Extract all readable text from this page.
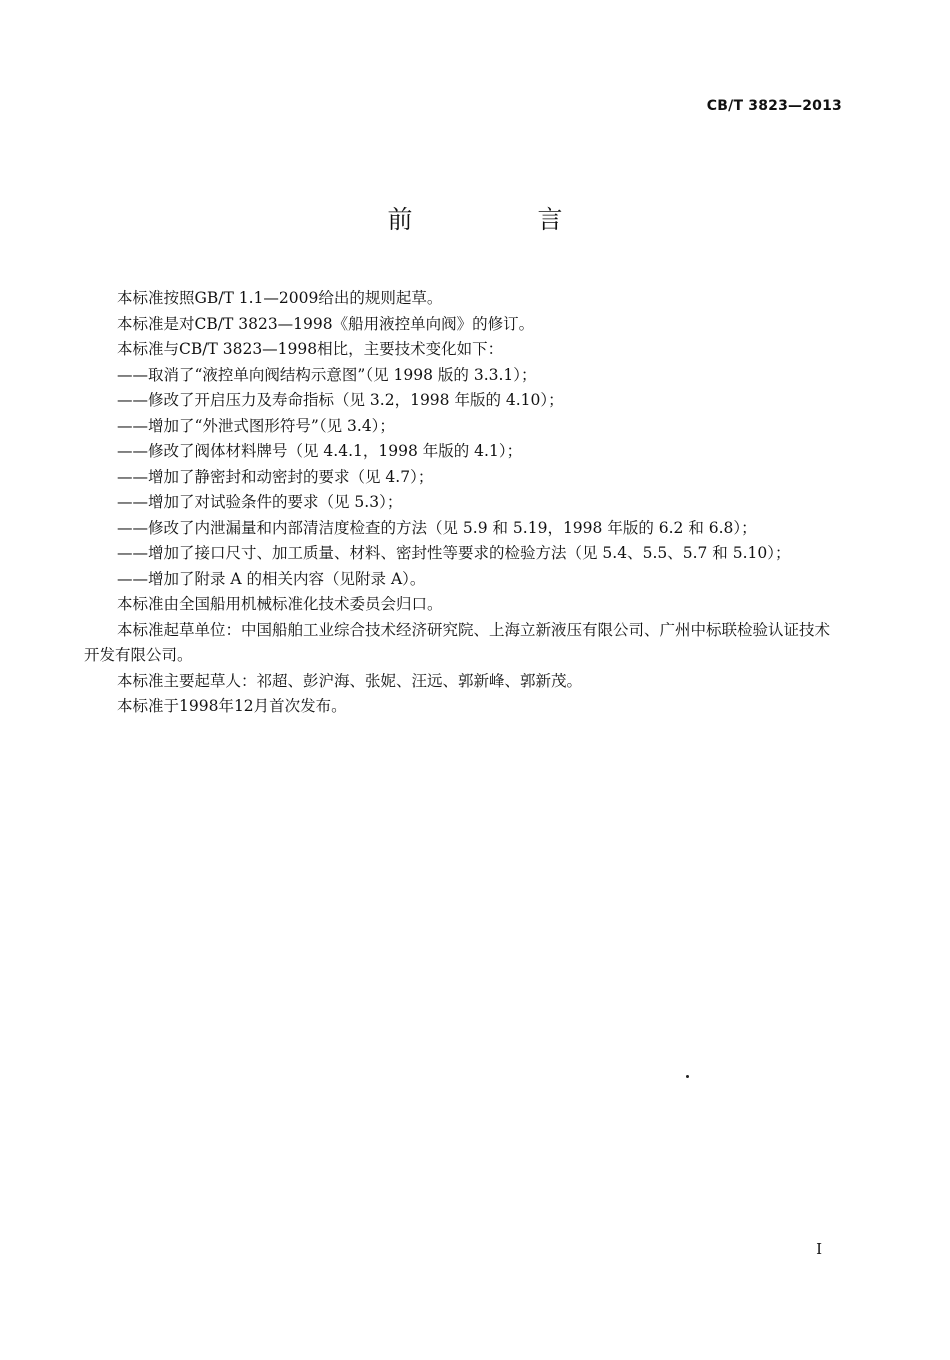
CB/T 3823—2013
前　言

本标准按照GB/T 1.1—2009给出的规则起草。

本标准是对CB/T 3823—1998《船用液控单向阀》的修订。

本标准与CB/T 3823—1998相比，主要技术变化如下：

——取消了“液控单向阀结构示意图”（见 1998 版的 3.3.1）；

——修改了开启压力及寿命指标（见 3.2，1998 年版的 4.10）；

——增加了“外泄式图形符号”（见 3.4）；

——修改了阀体材料牌号（见 4.4.1，1998 年版的 4.1）；

——增加了静密封和动密封的要求（见 4.7）；

——增加了对试验条件的要求（见 5.3）；

——修改了内泄漏量和内部清洁度检查的方法（见 5.9 和 5.19，1998 年版的 6.2 和 6.8）；

——增加了接口尺寸、加工质量、材料、密封性等要求的检验方法（见 5.4、5.5、5.7 和 5.10）；

——增加了附录 A 的相关内容（见附录 A）。

本标准由全国船用机械标准化技术委员会归口。

本标准起草单位：中国船舶工业综合技术经济研究院、上海立新液压有限公司、广州中标联检验认证技术开发有限公司。

本标准主要起草人：祁超、彭沪海、张妮、汪远、郭新峰、郭新茂。

本标准于1998年12月首次发布。

I
